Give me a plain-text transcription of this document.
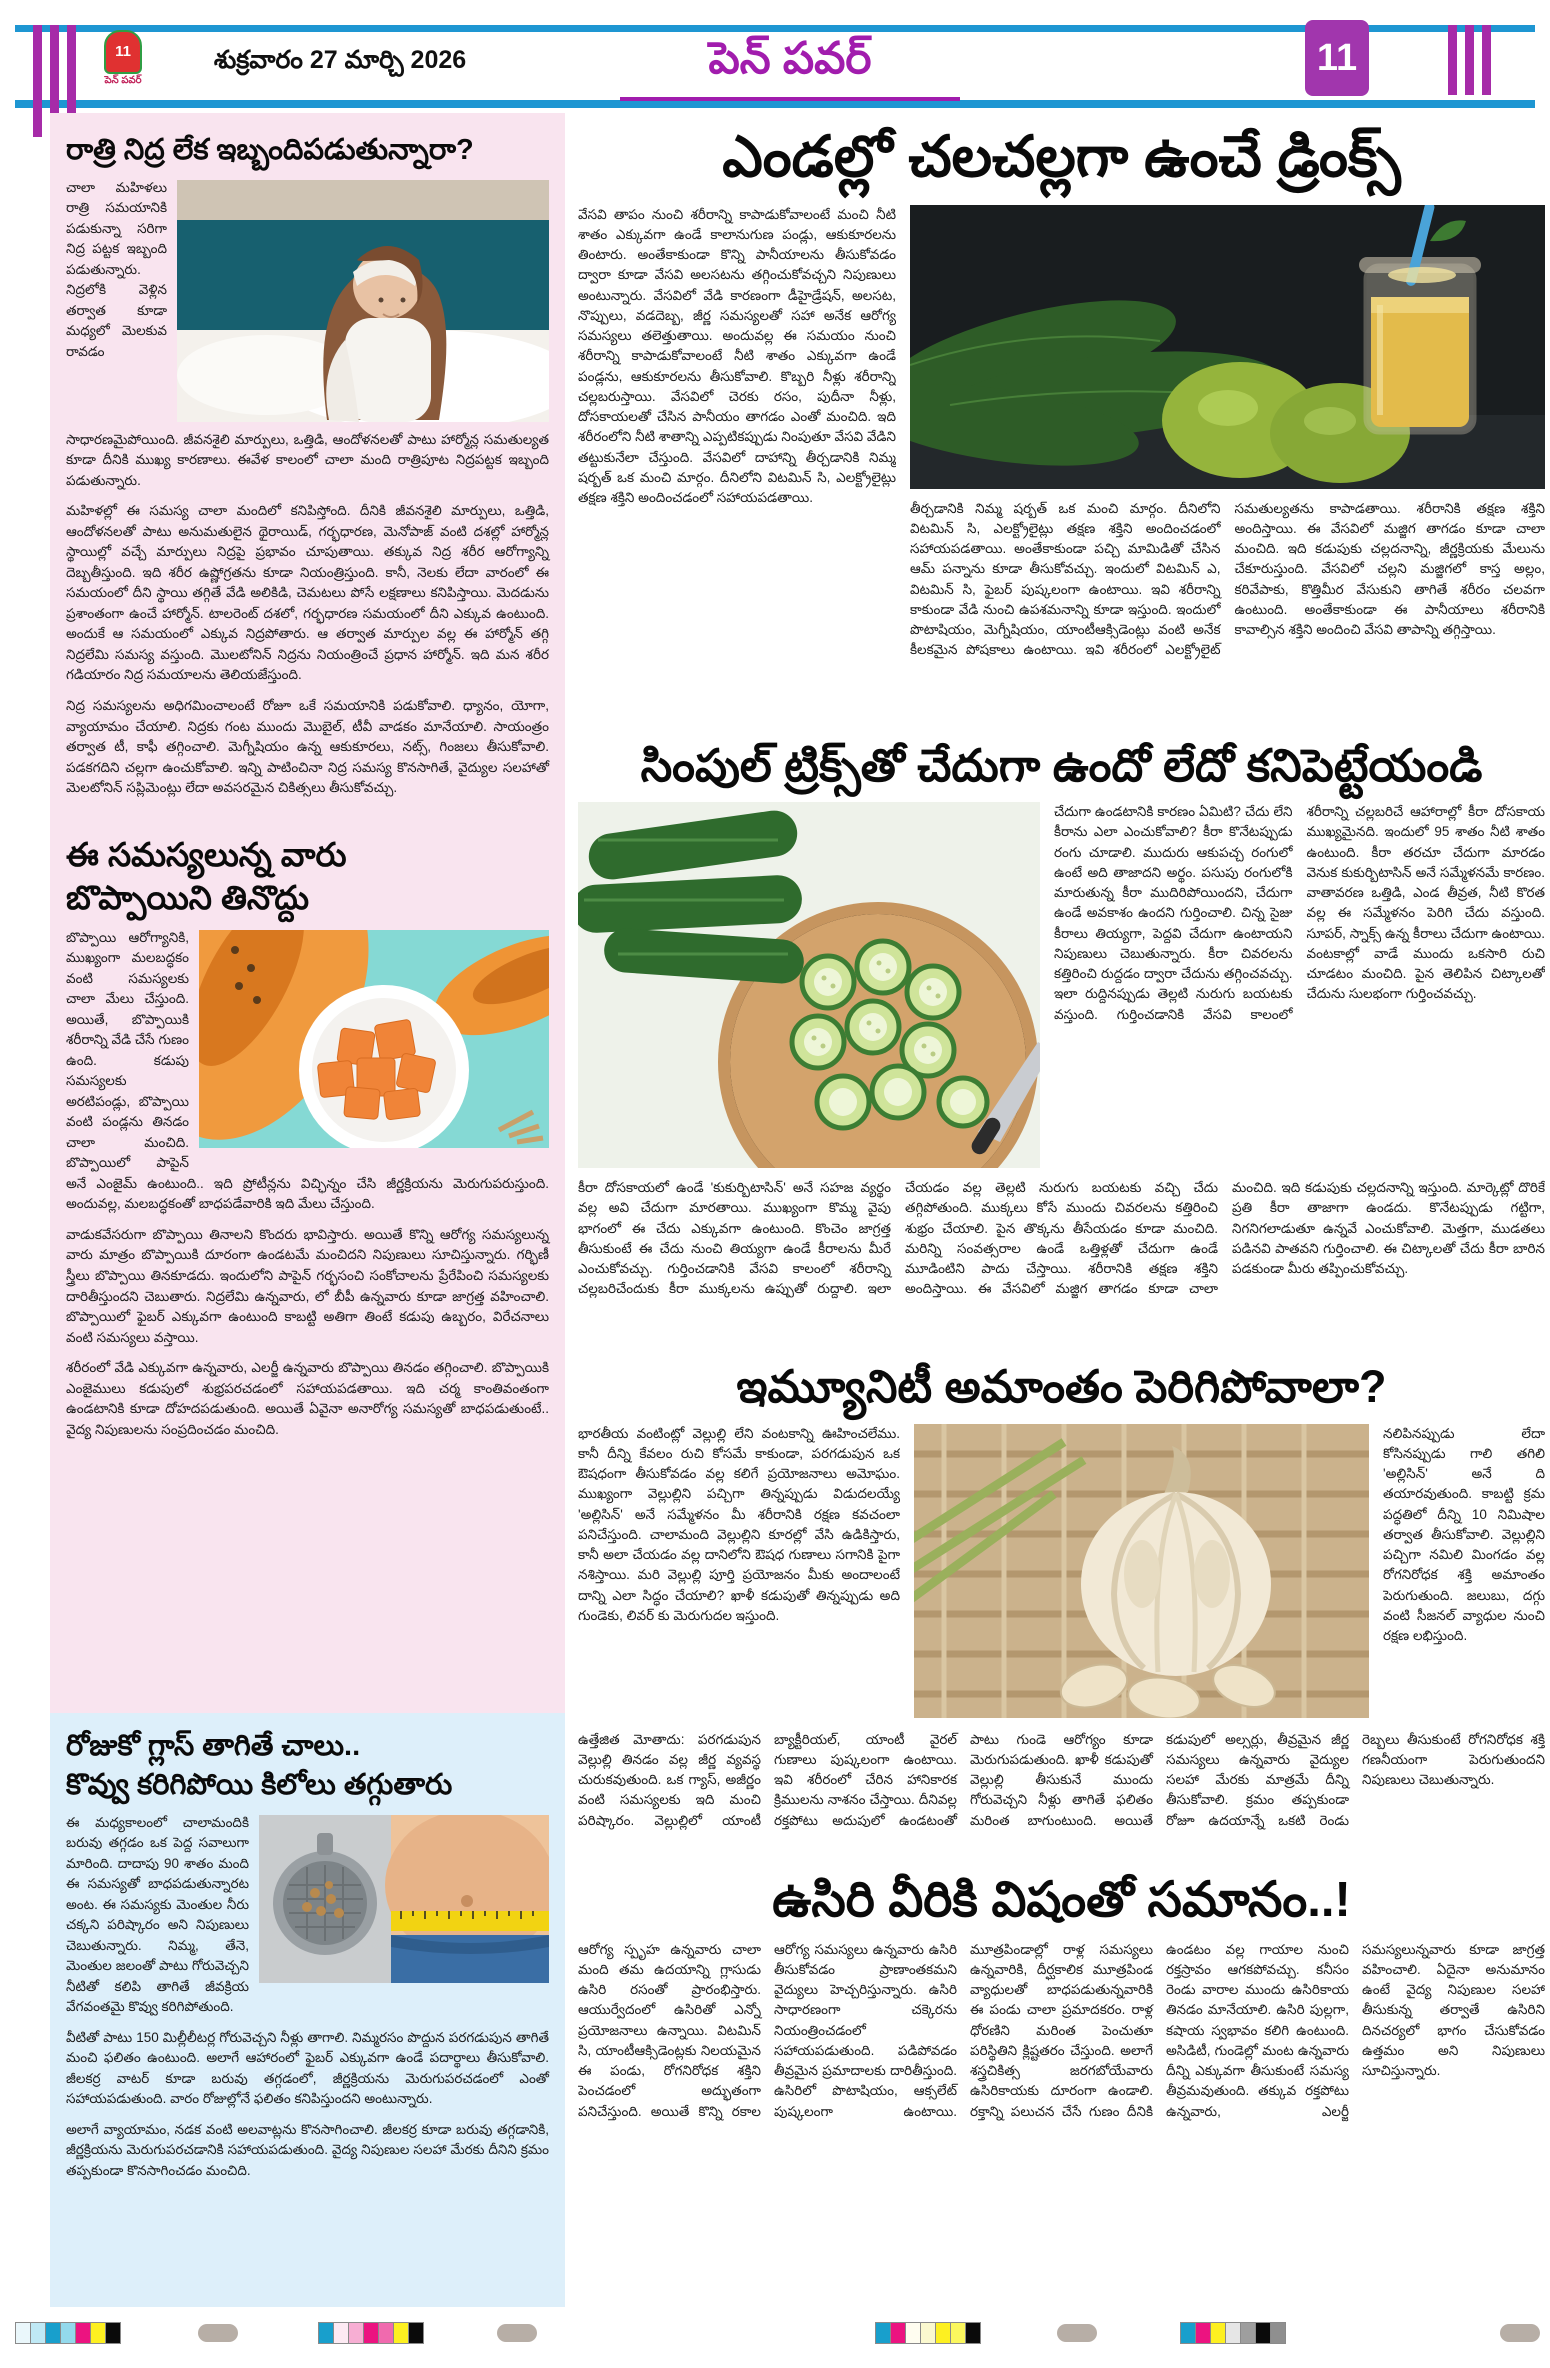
11
పెన్ పవర్
శుక్రవారం 27 మార్చి 2026	పెన్ పవర్	11
రాత్రి నిద్ర లేక ఇబ్బందిపడుతున్నారా?

చాలా మహిళలు రాత్రి సమయానికి పడుకున్నా సరిగా నిద్ర పట్టక ఇబ్బంది పడుతున్నారు. నిద్రలోకి వెళ్లిన తర్వాత కూడా మధ్యలో మెలకువ రావడం సాధారణమైపోయింది. జీవనశైలి మార్పులు, ఒత్తిడి, ఆందోళనలతో పాటు హార్మోన్ల సమతుల్యత కూడా దీనికి ముఖ్య కారణాలు. ఈవేళ కాలంలో చాలా మంది రాత్రిపూట నిద్రపట్టక ఇబ్బంది పడుతున్నారు.

మహిళల్లో ఈ సమస్య చాలా మందిలో కనిపిస్తోంది. దీనికి జీవనశైలి మార్పులు, ఒత్తిడి, ఆందోళనలతో పాటు అనుమతులైన థైరాయిడ్, గర్భధారణ, మెనోపాజ్ వంటి దశల్లో హార్మోన్ల స్థాయిల్లో వచ్చే మార్పులు నిద్రపై ప్రభావం చూపుతాయి. తక్కువ నిద్ర శరీర ఆరోగ్యాన్ని దెబ్బతీస్తుంది. ఇది శరీర ఉష్ణోగ్రతను కూడా నియంత్రిస్తుంది. కానీ, నెలకు లేదా వారంలో ఈ సమయంలో దీని స్థాయి తగ్గితే వేడి అలికిడి, చెమటలు పోసే లక్షణాలు కనిపిస్తాయి. మెదడును ప్రశాంతంగా ఉంచే హార్మోన్. టాలరెంట్ దశలో, గర్భధారణ సమయంలో దీని ఎక్కువ ఉంటుంది. అందుకే ఆ సమయంలో ఎక్కువ నిద్రపోతారు. ఆ తర్వాత మార్పుల వల్ల ఈ హార్మోన్ తగ్గి నిద్రలేమి సమస్య వస్తుంది. మొలటోనిన్ నిద్రను నియంత్రించే ప్రధాన హార్మోన్. ఇది మన శరీర గడియారం నిద్ర సమయాలను తెలియజేస్తుంది.

నిద్ర సమస్యలను అధిగమించాలంటే రోజూ ఒకే సమయానికి పడుకోవాలి. ధ్యానం, యోగా, వ్యాయామం చేయాలి. నిద్రకు గంట ముందు మొబైల్, టీవీ వాడకం మానేయాలి. సాయంత్రం తర్వాత టీ, కాఫీ తగ్గించాలి. మెగ్నీషియం ఉన్న ఆకుకూరలు, నట్స్, గింజలు తీసుకోవాలి. పడకగదిని చల్లగా ఉంచుకోవాలి. ఇన్ని పాటించినా నిద్ర సమస్య కొనసాగితే, వైద్యుల సలహాతో మెలటోనిన్ సప్లిమెంట్లు లేదా అవసరమైన చికిత్సలు తీసుకోవచ్చు.

ఈ సమస్యలున్న వారు
బొప్పాయిని తినొద్దు

బొప్పాయి ఆరోగ్యానికి, ముఖ్యంగా మలబద్ధకం వంటి సమస్యలకు చాలా మేలు చేస్తుంది. అయితే, బొప్పాయికి శరీరాన్ని వేడి చేసే గుణం ఉంది. కడుపు సమస్యలకు అరటిపండ్లు, బొప్పాయి వంటి పండ్లను తినడం చాలా మంచిది. బొప్పాయిలో పాపైన్ అనే ఎంజైమ్ ఉంటుంది.. ఇది ప్రోటీన్లను విచ్ఛిన్నం చేసి జీర్ణక్రియను మెరుగుపరుస్తుంది. అందువల్ల, మలబద్ధకంతో బాధపడేవారికి ఇది మేలు చేస్తుంది.

వాడుకవేసరుగా బొప్పాయి తినాలని కొందరు భావిస్తారు. అయితే కొన్ని ఆరోగ్య సమస్యలున్న వారు మాత్రం బొప్పాయికి దూరంగా ఉండటమే మంచిదని నిపుణులు సూచిస్తున్నారు. గర్భిణీ స్త్రీలు బొప్పాయి తినకూడదు. ఇందులోని పాపైన్ గర్భసంచి సంకోచాలను ప్రేరేపించి సమస్యలకు దారితీస్తుందని చెబుతారు. నిద్రలేమి ఉన్నవారు, లో బీపీ ఉన్నవారు కూడా జాగ్రత్త వహించాలి. బొప్పాయిలో ఫైబర్ ఎక్కువగా ఉంటుంది కాబట్టి అతిగా తింటే కడుపు ఉబ్బరం, విరేచనాలు వంటి సమస్యలు వస్తాయి.

శరీరంలో వేడి ఎక్కువగా ఉన్నవారు, ఎలర్జీ ఉన్నవారు బొప్పాయి తినడం తగ్గించాలి. బొప్పాయికి ఎంజైములు కడుపులో శుభ్రపరచడంలో సహాయపడతాయి. ఇది చర్మ కాంతివంతంగా ఉండటానికి కూడా దోహదపడుతుంది. అయితే ఏవైనా అనారోగ్య సమస్యతో బాధపడుతుంటే.. వైద్య నిపుణులను సంప్రదించడం మంచిది.

రోజుకో గ్లాస్ తాగితే చాలు..
కొవ్వు కరిగిపోయి కిలోలు తగ్గుతారు

ఈ మధ్యకాలంలో చాలామందికి బరువు తగ్గడం ఒక పెద్ద సవాలుగా మారింది. దాదాపు 90 శాతం మంది ఈ సమస్యతో బాధపడుతున్నారట అంట. ఈ సమస్యకు మెంతుల నీరు చక్కని పరిష్కారం అని నిపుణులు చెబుతున్నారు. నిమ్మ, తేనె, మెంతుల జలంతో పాటు గోరువెచ్చని నీటితో కలిపి తాగితే జీవక్రియ వేగవంతమై కొవ్వు కరిగిపోతుంది.

వీటితో పాటు 150 మిల్లీలీటర్ల గోరువెచ్చని నీళ్లు తాగాలి. నిమ్మరసం పొద్దున పరగడుపున తాగితే మంచి ఫలితం ఉంటుంది. అలాగే ఆహారంలో ఫైబర్ ఎక్కువగా ఉండే పదార్థాలు తీసుకోవాలి. జీలకర్ర వాటర్ కూడా బరువు తగ్గడంలో, జీర్ణక్రియను మెరుగుపరచడంలో ఎంతో సహాయపడుతుంది. వారం రోజుల్లోనే ఫలితం కనిపిస్తుందని అంటున్నారు.

అలాగే వ్యాయామం, నడక వంటి అలవాట్లను కొనసాగించాలి. జీలకర్ర కూడా బరువు తగ్గడానికి, జీర్ణక్రియను మెరుగుపరచడానికి సహాయపడుతుంది. వైద్య నిపుణుల సలహా మేరకు దీనిని క్రమం తప్పకుండా కొనసాగించడం మంచిది.

ఎండల్లో చలచల్లగా ఉంచే డ్రింక్స్
వేసవి తాపం నుంచి శరీరాన్ని కాపాడుకోవాలంటే మంచి నీటి శాతం ఎక్కువగా ఉండే కాలానుగుణ పండ్లు, ఆకుకూరలను తింటారు. అంతేకాకుండా కొన్ని పానీయాలను తీసుకోవడం ద్వారా కూడా వేసవి అలసటను తగ్గించుకోవచ్చని నిపుణులు అంటున్నారు. వేసవిలో వేడి కారణంగా డీహైడ్రేషన్, అలసట, నొప్పులు, వడదెబ్బ, జీర్ణ సమస్యలతో సహా అనేక ఆరోగ్య సమస్యలు తలెత్తుతాయి. అందువల్ల ఈ సమయం నుంచి శరీరాన్ని కాపాడుకోవాలంటే నీటి శాతం ఎక్కువగా ఉండే పండ్లను, ఆకుకూరలను తీసుకోవాలి. కొబ్బరి నీళ్లు శరీరాన్ని చల్లబరుస్తాయి. వేసవిలో చెరకు రసం, పుదీనా నీళ్లు, దోసకాయలతో చేసిన పానీయం తాగడం ఎంతో మంచిది. ఇది శరీరంలోని నీటి శాతాన్ని ఎప్పటికప్పుడు నింపుతూ వేసవి వేడిని తట్టుకునేలా చేస్తుంది. వేసవిలో దాహాన్ని తీర్చడానికి నిమ్మ షర్బత్ ఒక మంచి మార్గం. దీనిలోని విటమిన్ సి, ఎలక్ట్రోలైట్లు తక్షణ శక్తిని అందించడంలో సహాయపడతాయి.
తీర్చడానికి నిమ్మ షర్బత్ ఒక మంచి మార్గం. దీనిలోని విటమిన్ సి, ఎలక్ట్రోలైట్లు తక్షణ శక్తిని అందించడంలో సహాయపడతాయి. అంతేకాకుండా పచ్చి మామిడితో చేసిన ఆమ్ పన్నాను కూడా తీసుకోవచ్చు. ఇందులో విటమిన్ ఎ, విటమిన్ సి, ఫైబర్ పుష్కలంగా ఉంటాయి. ఇవి శరీరాన్ని కాకుండా వేడి నుంచి ఉపశమనాన్ని కూడా ఇస్తుంది. ఇందులో పొటాషియం, మెగ్నీషియం, యాంటీఆక్సిడెంట్లు వంటి అనేక కీలకమైన పోషకాలు ఉంటాయి. ఇవి శరీరంలో ఎలక్ట్రోలైట్ సమతుల్యతను కాపాడతాయి. శరీరానికి తక్షణ శక్తిని అందిస్తాయి. ఈ వేసవిలో మజ్జిగ తాగడం కూడా చాలా మంచిది. ఇది కడుపుకు చల్లదనాన్ని, జీర్ణక్రియకు మేలును చేకూరుస్తుంది. వేసవిలో చల్లని మజ్జిగలో కాస్త అల్లం, కరివేపాకు, కొత్తిమీర వేసుకుని తాగితే శరీరం చలవగా ఉంటుంది. అంతేకాకుండా ఈ పానీయాలు శరీరానికి కావాల్సిన శక్తిని అందించి వేసవి తాపాన్ని తగ్గిస్తాయి.
సింపుల్ ట్రిక్స్‌తో చేదుగా ఉందో లేదో కనిపెట్టేయండి
చేదుగా ఉండటానికి కారణం ఏమిటి? చేదు లేని కీరాను ఎలా ఎంచుకోవాలి? కీరా కొనేటప్పుడు రంగు చూడాలి. ముదురు ఆకుపచ్చ రంగులో ఉంటే అది తాజాదని అర్థం. పసుపు రంగులోకి మారుతున్న కీరా ముదిరిపోయిందని, చేదుగా ఉండే అవకాశం ఉందని గుర్తించాలి. చిన్న సైజు కీరాలు తియ్యగా, పెద్దవి చేదుగా ఉంటాయని నిపుణులు చెబుతున్నారు. కీరా చివరలను కత్తిరించి రుద్దడం ద్వారా చేదును తగ్గించవచ్చు. ఇలా రుద్దినప్పుడు తెల్లటి నురుగు బయటకు వస్తుంది. గుర్తించడానికి వేసవి కాలంలో శరీరాన్ని చల్లబరిచే ఆహారాల్లో కీరా దోసకాయ ముఖ్యమైనది. ఇందులో 95 శాతం నీటి శాతం ఉంటుంది. కీరా తరచూ చేదుగా మారడం వెనుక కుకుర్బిటాసిన్ అనే సమ్మేళనమే కారణం. వాతావరణ ఒత్తిడి, ఎండ తీవ్రత, నీటి కొరత వల్ల ఈ సమ్మేళనం పెరిగి చేదు వస్తుంది. సూపర్, స్నాక్స్ ఉన్న కీరాలు చేదుగా ఉంటాయి. వంటకాల్లో వాడే ముందు ఒకసారి రుచి చూడటం మంచిది. పైన తెలిపిన చిట్కాలతో చేదును సులభంగా గుర్తించవచ్చు.
కీరా దోసకాయలో ఉండే 'కుకుర్బిటాసిన్' అనే సహజ వ్యర్థం వల్ల అవి చేదుగా మారతాయి. ముఖ్యంగా కొమ్మ వైపు భాగంలో ఈ చేదు ఎక్కువగా ఉంటుంది. కొంచెం జాగ్రత్త తీసుకుంటే ఈ చేదు నుంచి తియ్యగా ఉండే కీరాలను మీరే ఎంచుకోవచ్చు. గుర్తించడానికి వేసవి కాలంలో శరీరాన్ని చల్లబరిచేందుకు కీరా ముక్కలను ఉప్పుతో రుద్దాలి. ఇలా చేయడం వల్ల తెల్లటి నురుగు బయటకు వచ్చి చేదు తగ్గిపోతుంది. ముక్కలు కోసే ముందు చివరలను కత్తిరించి శుభ్రం చేయాలి. పైన తొక్కను తీసేయడం కూడా మంచిది. మరిన్ని సంవత్సరాల ఉండే ఒత్తిళ్లతో చేదుగా ఉండే మూడింటిని పాదు చేస్తాయి. శరీరానికి తక్షణ శక్తిని అందిస్తాయి. ఈ వేసవిలో మజ్జిగ తాగడం కూడా చాలా మంచిది. ఇది కడుపుకు చల్లదనాన్ని ఇస్తుంది. మార్కెట్లో దొరికే ప్రతి కీరా తాజాగా ఉండదు. కొనేటప్పుడు గట్టిగా, నిగనిగలాడుతూ ఉన్నవే ఎంచుకోవాలి. మెత్తగా, ముడతలు పడినవి పాతవని గుర్తించాలి. ఈ చిట్కాలతో చేదు కీరా బారిన పడకుండా మీరు తప్పించుకోవచ్చు.
ఇమ్యూనిటీ అమాంతం పెరిగిపోవాలా?
భారతీయ వంటింట్లో వెల్లుల్లి లేని వంటకాన్ని ఊహించలేము. కానీ దీన్ని కేవలం రుచి కోసమే కాకుండా, పరగడుపున ఒక ఔషధంగా తీసుకోవడం వల్ల కలిగే ప్రయోజనాలు అమోఘం. ముఖ్యంగా వెల్లుల్లిని పచ్చిగా తిన్నప్పుడు విడుదలయ్యే 'అల్లిసిన్' అనే సమ్మేళనం మీ శరీరానికి రక్షణ కవచంలా పనిచేస్తుంది. చాలామంది వెల్లుల్లిని కూరల్లో వేసి ఉడికిస్తారు, కానీ అలా చేయడం వల్ల దానిలోని ఔషధ గుణాలు సగానికి పైగా నశిస్తాయి. మరి వెల్లుల్లి పూర్తి ప్రయోజనం మీకు అందాలంటే దాన్ని ఎలా సిద్ధం చేయాలి? ఖాళీ కడుపుతో తిన్నప్పుడు అది గుండెకు, లివర్ కు మెరుగుదల ఇస్తుంది.
నలిపినప్పుడు లేదా కోసినప్పుడు గాలి తగిలి 'అల్లిసిన్' అనే ది తయారవుతుంది. కాబట్టి క్రమ పద్ధతిలో దీన్ని 10 నిమిషాల తర్వాత తీసుకోవాలి. వెల్లుల్లిని పచ్చిగా నమిలి మింగడం వల్ల రోగనిరోధక శక్తి అమాంతం పెరుగుతుంది. జలుబు, దగ్గు వంటి సీజనల్ వ్యాధుల నుంచి రక్షణ లభిస్తుంది.
ఉత్తేజిత మోతాదు: పరగడుపున వెల్లుల్లి తినడం వల్ల జీర్ణ వ్యవస్థ చురుకవుతుంది. ఒక గ్యాస్, అజీర్ణం వంటి సమస్యలకు ఇది మంచి పరిష్కారం. వెల్లుల్లిలో యాంటీ బ్యాక్టీరియల్, యాంటీ వైరల్ గుణాలు పుష్కలంగా ఉంటాయి. ఇవి శరీరంలో చేరిన హానికారక క్రిములను నాశనం చేస్తాయి. దీనివల్ల రక్తపోటు అదుపులో ఉండటంతో పాటు గుండె ఆరోగ్యం కూడా మెరుగుపడుతుంది. ఖాళీ కడుపుతో వెల్లుల్లి తీసుకునే ముందు గోరువెచ్చని నీళ్లు తాగితే ఫలితం మరింత బాగుంటుంది. అయితే కడుపులో అల్సర్లు, తీవ్రమైన జీర్ణ సమస్యలు ఉన్నవారు వైద్యుల సలహా మేరకు మాత్రమే దీన్ని తీసుకోవాలి. క్రమం తప్పకుండా రోజూ ఉదయాన్నే ఒకటి రెండు రెబ్బలు తీసుకుంటే రోగనిరోధక శక్తి గణనీయంగా పెరుగుతుందని నిపుణులు చెబుతున్నారు.
ఉసిరి వీరికి విషంతో సమానం..!
ఆరోగ్య స్పృహ ఉన్నవారు చాలా మంది తమ ఉదయాన్ని గ్లాసుడు ఉసిరి రసంతో ప్రారంభిస్తారు. ఆయుర్వేదంలో ఉసిరితో ఎన్నో ప్రయోజనాలు ఉన్నాయి. విటమిన్ సి, యాంటీఆక్సిడెంట్లకు నిలయమైన ఈ పండు, రోగనిరోధక శక్తిని పెంచడంలో అద్భుతంగా పనిచేస్తుంది. అయితే కొన్ని రకాల ఆరోగ్య సమస్యలు ఉన్నవారు ఉసిరి తీసుకోవడం ప్రాణాంతకమని వైద్యులు హెచ్చరిస్తున్నారు. ఉసిరి సాధారణంగా చక్కెరను నియంత్రించడంలో సహాయపడుతుంది. పడిపోవడం తీవ్రమైన ప్రమాదాలకు దారితీస్తుంది. ఉసిరిలో పొటాషియం, ఆక్సలేట్ పుష్కలంగా ఉంటాయి. మూత్రపిండాల్లో రాళ్ల సమస్యలు ఉన్నవారికి, దీర్ఘకాలిక మూత్రపిండ వ్యాధులతో బాధపడుతున్నవారికి ఈ పండు చాలా ప్రమాదకరం. రాళ్ల ధోరణిని మరింత పెంచుతూ పరిస్థితిని క్లిష్టతరం చేస్తుంది. అలాగే శస్త్రచికిత్స జరగబోయేవారు ఉసిరికాయకు దూరంగా ఉండాలి. రక్తాన్ని పలుచన చేసే గుణం దీనికి ఉండటం వల్ల గాయాల నుంచి రక్తస్రావం ఆగకపోవచ్చు. కనీసం రెండు వారాల ముందు ఉసిరికాయ తినడం మానేయాలి. ఉసిరి పుల్లగా, కషాయ స్వభావం కలిగి ఉంటుంది. అసిడిటీ, గుండెల్లో మంట ఉన్నవారు దీన్ని ఎక్కువగా తీసుకుంటే సమస్య తీవ్రమవుతుంది. తక్కువ రక్తపోటు ఉన్నవారు, ఎలర్జీ సమస్యలున్నవారు కూడా జాగ్రత్త వహించాలి. ఏదైనా అనుమానం ఉంటే వైద్య నిపుణుల సలహా తీసుకున్న తర్వాతే ఉసిరిని దినచర్యలో భాగం చేసుకోవడం ఉత్తమం అని నిపుణులు సూచిస్తున్నారు.
